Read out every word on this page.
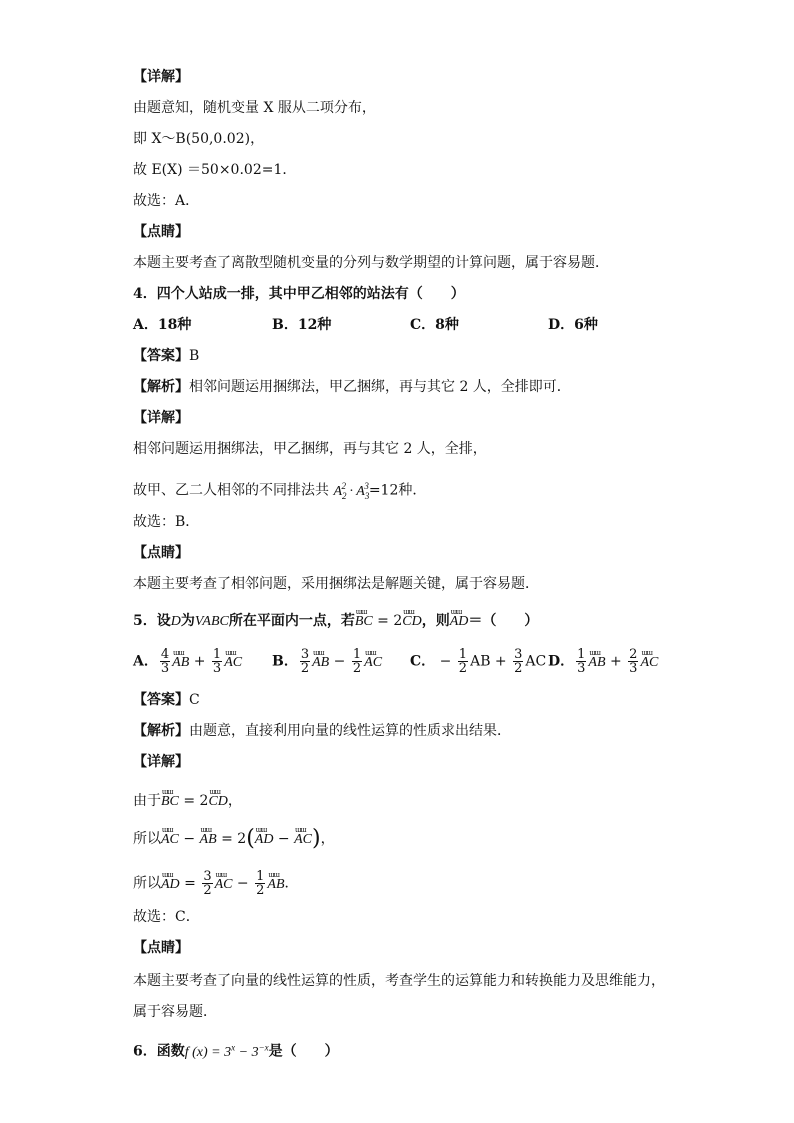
【详解】
由题意知，随机变量 X 服从二项分布，
即 X～B(50,0.02)，
故 E(X) ＝50×0.02=1．
故选：A．
【点睛】
本题主要考查了离散型随机变量的分列与数学期望的计算问题，属于容易题．
4．四个人站成一排，其中甲乙相邻的站法有（　　）
A．18种	B．12种	C．8种	D．6种
【答案】B
【解析】相邻问题运用捆绑法，甲乙捆绑，再与其它 2 人，全排即可．
【详解】
相邻问题运用捆绑法，甲乙捆绑，再与其它 2 人，全排，
故甲、乙二人相邻的不同排法共 $A_2^2 \cdot A_3^3=12$种．
故选：B．
【点睛】
本题主要考查了相邻问题，采用捆绑法是解题关键，属于容易题．
5．设D为VABC所在平面内一点，若ɯɯ BC = 2ɯɯ CD，则ɯɯ AD＝（　　）
A． $\frac{4}{3}$ ɯɯ AB + $\frac{1}{3}$ ɯɯ AC B． $\frac{3}{2}$ ɯɯ AB − $\frac{1}{2}$ ɯɯ AC C． − $\frac{1}{2}$ AB + $\frac{3}{2}$ AC D． $\frac{1}{3}$ ɯɯ AB + $\frac{2}{3}$ ɯɯ AC
【答案】C
【解析】由题意，直接利用向量的线性运算的性质求出结果．
【详解】
由于ɯɯ BC = 2ɯɯ CD，
所以ɯɯ AC − ɯɯ AB = 2(ɯɯ AD − ɯɯ AC)，
所以ɯɯ AD = $\frac{3}{2}$ ɯɯ AC − $\frac{1}{2}$ ɯɯ AB．
故选：C．
【点睛】
本题主要考查了向量的线性运算的性质，考查学生的运算能力和转换能力及思维能力，
属于容易题．
6．函数f $(x) = 3^x - 3^{-x}$是（　　）
